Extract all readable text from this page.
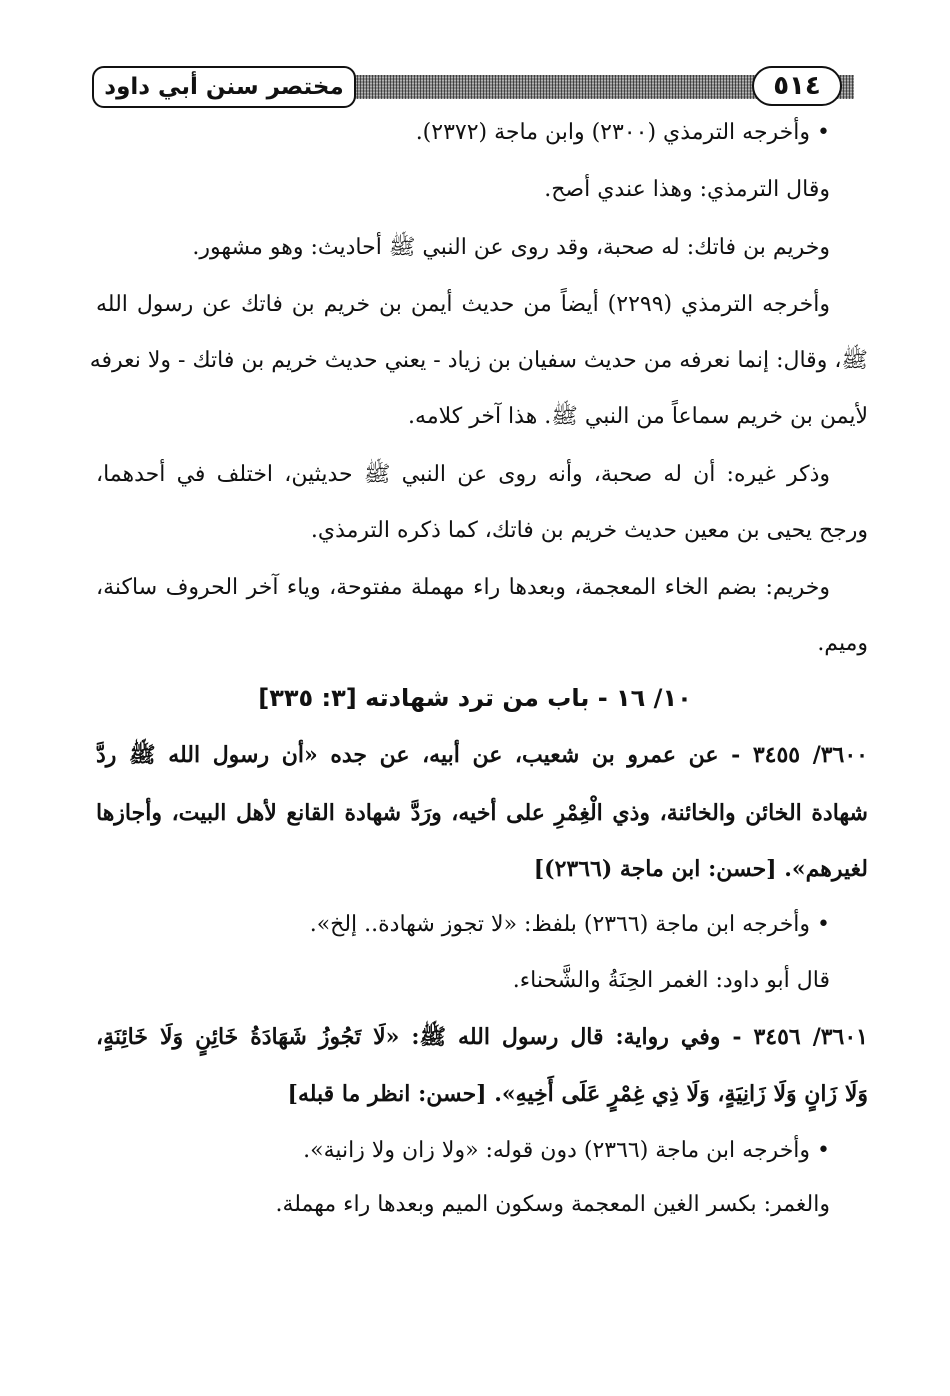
مختصر سنن أبي داود	٥١٤
• وأخرجه الترمذي (٢٣٠٠) وابن ماجة (٢٣٧٢).
وقال الترمذي: وهذا عندي أصح.
وخريم بن فاتك: له صحبة، وقد روى عن النبي ﷺ أحاديث: وهو مشهور.
وأخرجه الترمذي (٢٢٩٩) أيضاً من حديث أيمن بن خريم بن فاتك عن رسول الله
ﷺ، وقال: إنما نعرفه من حديث سفيان بن زياد - يعني حديث خريم بن فاتك - ولا نعرفه
لأيمن بن خريم سماعاً من النبي ﷺ. هذا آخر كلامه.
وذكر غيره: أن له صحبة، وأنه روى عن النبي ﷺ حديثين، اختلف في أحدهما،
ورجح يحيى بن معين حديث خريم بن فاتك، كما ذكره الترمذي.
وخريم: بضم الخاء المعجمة، وبعدها راء مهملة مفتوحة، وياء آخر الحروف ساكنة،
وميم.
١٠/ ١٦ - باب من ترد شهادته [٣: ٣٣٥]
٣٦٠٠/ ٣٤٥٥ - عن عمرو بن شعيب، عن أبيه، عن جده «أن رسول الله ﷺ ردَّ
شهادة الخائن والخائنة، وذي الْغِمْرِ على أخيه، ورَدَّ شهادة القانع لأهل البيت، وأجازها
لغيرهم». [حسن: ابن ماجة (٢٣٦٦)]
• وأخرجه ابن ماجة (٢٣٦٦) بلفظ: «لا تجوز شهادة.. إلخ».
قال أبو داود: الغمر الحِنَةُ والشَّحناء.
٣٦٠١/ ٣٤٥٦ - وفي رواية: قال رسول الله ﷺ: «لَا تَجُوزُ شَهَادَةُ خَائِنٍ وَلَا خَائِنَةٍ،
وَلَا زَانٍ وَلَا زَانِيَةٍ، وَلَا ذِي غِمْرٍ عَلَى أَخِيهِ». [حسن: انظر ما قبله]
• وأخرجه ابن ماجة (٢٣٦٦) دون قوله: «ولا زان ولا زانية».
والغمر: بكسر الغين المعجمة وسكون الميم وبعدها راء مهملة.
